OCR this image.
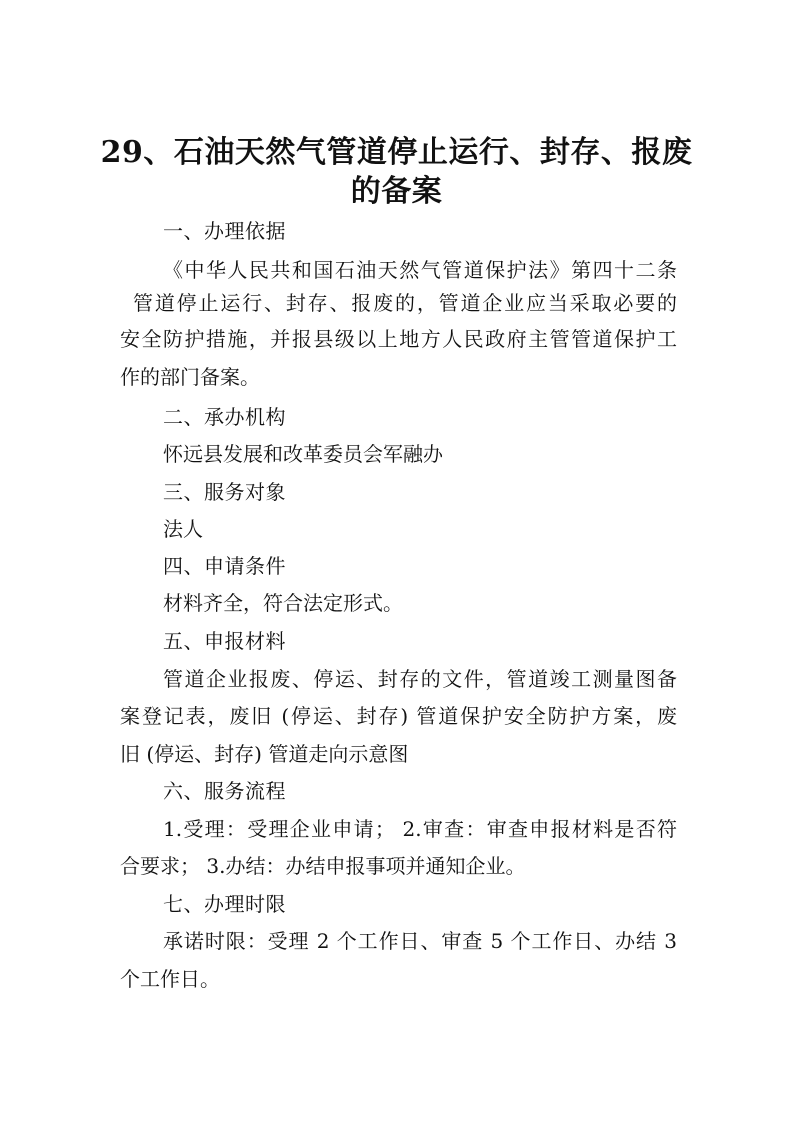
29、石油天然气管道停止运行、封存、报废
的备案
一、办理依据
《中华人民共和国石油天然气管道保护法》第四十二条
管道停止运行、封存、报废的，管道企业应当采取必要的
安全防护措施，并报县级以上地方人民政府主管管道保护工
作的部门备案。
二、承办机构
怀远县发展和改革委员会军融办
三、服务对象
法人
四、申请条件
材料齐全，符合法定形式。
五、申报材料
管道企业报废、停运、封存的文件，管道竣工测量图备
案登记表，废旧 (停运、封存) 管道保护安全防护方案，废
旧 (停运、封存) 管道走向示意图
六、服务流程
1.受理：受理企业申请； 2.审查：审查申报材料是否符
合要求； 3.办结：办结申报事项并通知企业。
七、办理时限
承诺时限：受理 2 个工作日、审查 5 个工作日、办结 3
个工作日。
